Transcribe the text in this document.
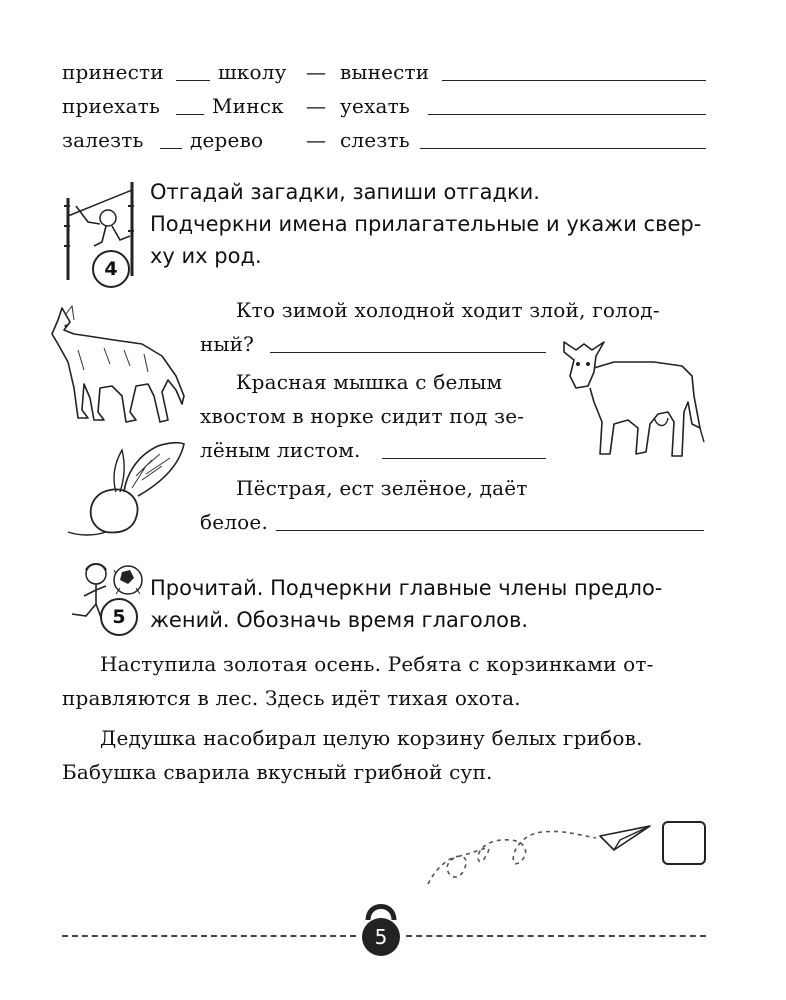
принести	школу — вынести
приехать	Минск — уехать
залезть дерево — слезть
4
Отгадай загадки, запиши отгадки.
Подчеркни имена прилагательные и укажи свер-
ху их род.
Кто зимой холодной ходит злой, голод-
ный?
Красная мышка с белым
хвостом в норке сидит под зе-
лёным листом.
Пёстрая, ест зелёное, даёт
белое.
5
Прочитай. Подчеркни главные члены предло-
жений. Обозначь время глаголов.
Наступила золотая осень. Ребята с корзинками от-
правляются в лес. Здесь идёт тихая охота.
Дедушка насобирал целую корзину белых грибов.
Бабушка сварила вкусный грибной суп.
5
